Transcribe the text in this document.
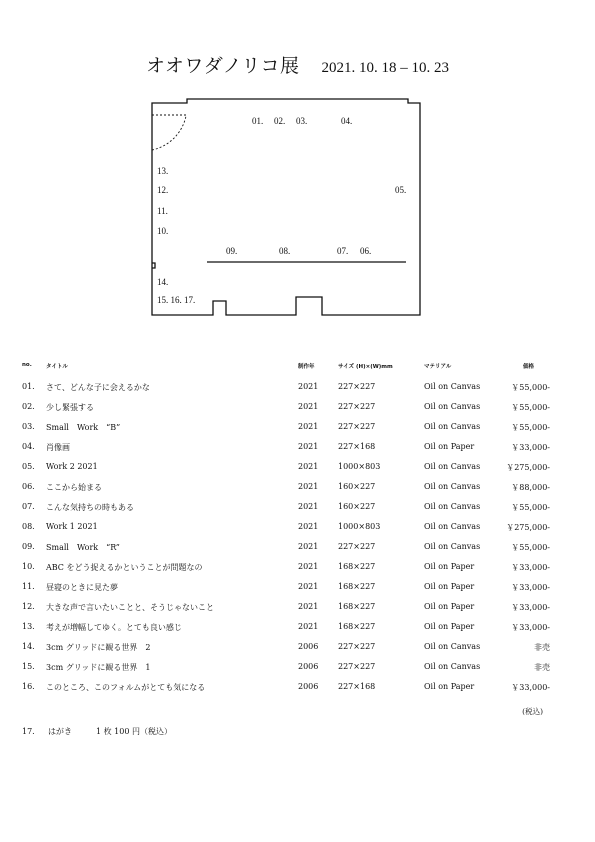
オオワダノリコ展 2021. 10. 18 – 10. 23
01. 02. 03.	04.
05.
06.
07.
08.
09.
13.
12.
11.
10.
14.
15. 16. 17.
no.	タイトル	制作年	サイズ (H)×(W)mm	マテリアル	価格
01. さて、どんな子に会えるかな	2021 227×227	Oil on Canvas	￥55,000-
02. 少し緊張する	2021 227×227	Oil on Canvas	￥55,000-
03. Small　Work　“B”	2021 227×227	Oil on Canvas	￥55,000-
04. 肖像画	2021 227×168	Oil on Paper	￥33,000-
05. Work 2 2021	2021 1000×803	Oil on Canvas	￥275,000-
06. ここから始まる	2021 160×227	Oil on Canvas	￥88,000-
07. こんな気持ちの時もある	2021 160×227	Oil on Canvas	￥55,000-
08. Work 1 2021	2021 1000×803	Oil on Canvas	￥275,000-
09. Small　Work　“R”	2021 227×227	Oil on Canvas	￥55,000-
10. ABC をどう捉えるかということが問題なの	2021 168×227	Oil on Paper	￥33,000-
11. 昼寝のときに見た夢	2021 168×227	Oil on Paper	￥33,000-
12. 大きな声で言いたいことと、そうじゃないこと	2021 168×227	Oil on Paper	￥33,000-
13. 考えが増幅してゆく。とても良い感じ	2021 168×227	Oil on Paper	￥33,000-
14. 3cm グリッドに観る世界　2	2006 227×227	Oil on Canvas	非売
15. 3cm グリッドに観る世界　1	2006 227×227	Oil on Canvas	非売
16. このところ、このフォルムがとても気になる	2006 227×168	Oil on Paper	￥33,000-
(税込)
17. はがき	1 枚 100 円（税込）
